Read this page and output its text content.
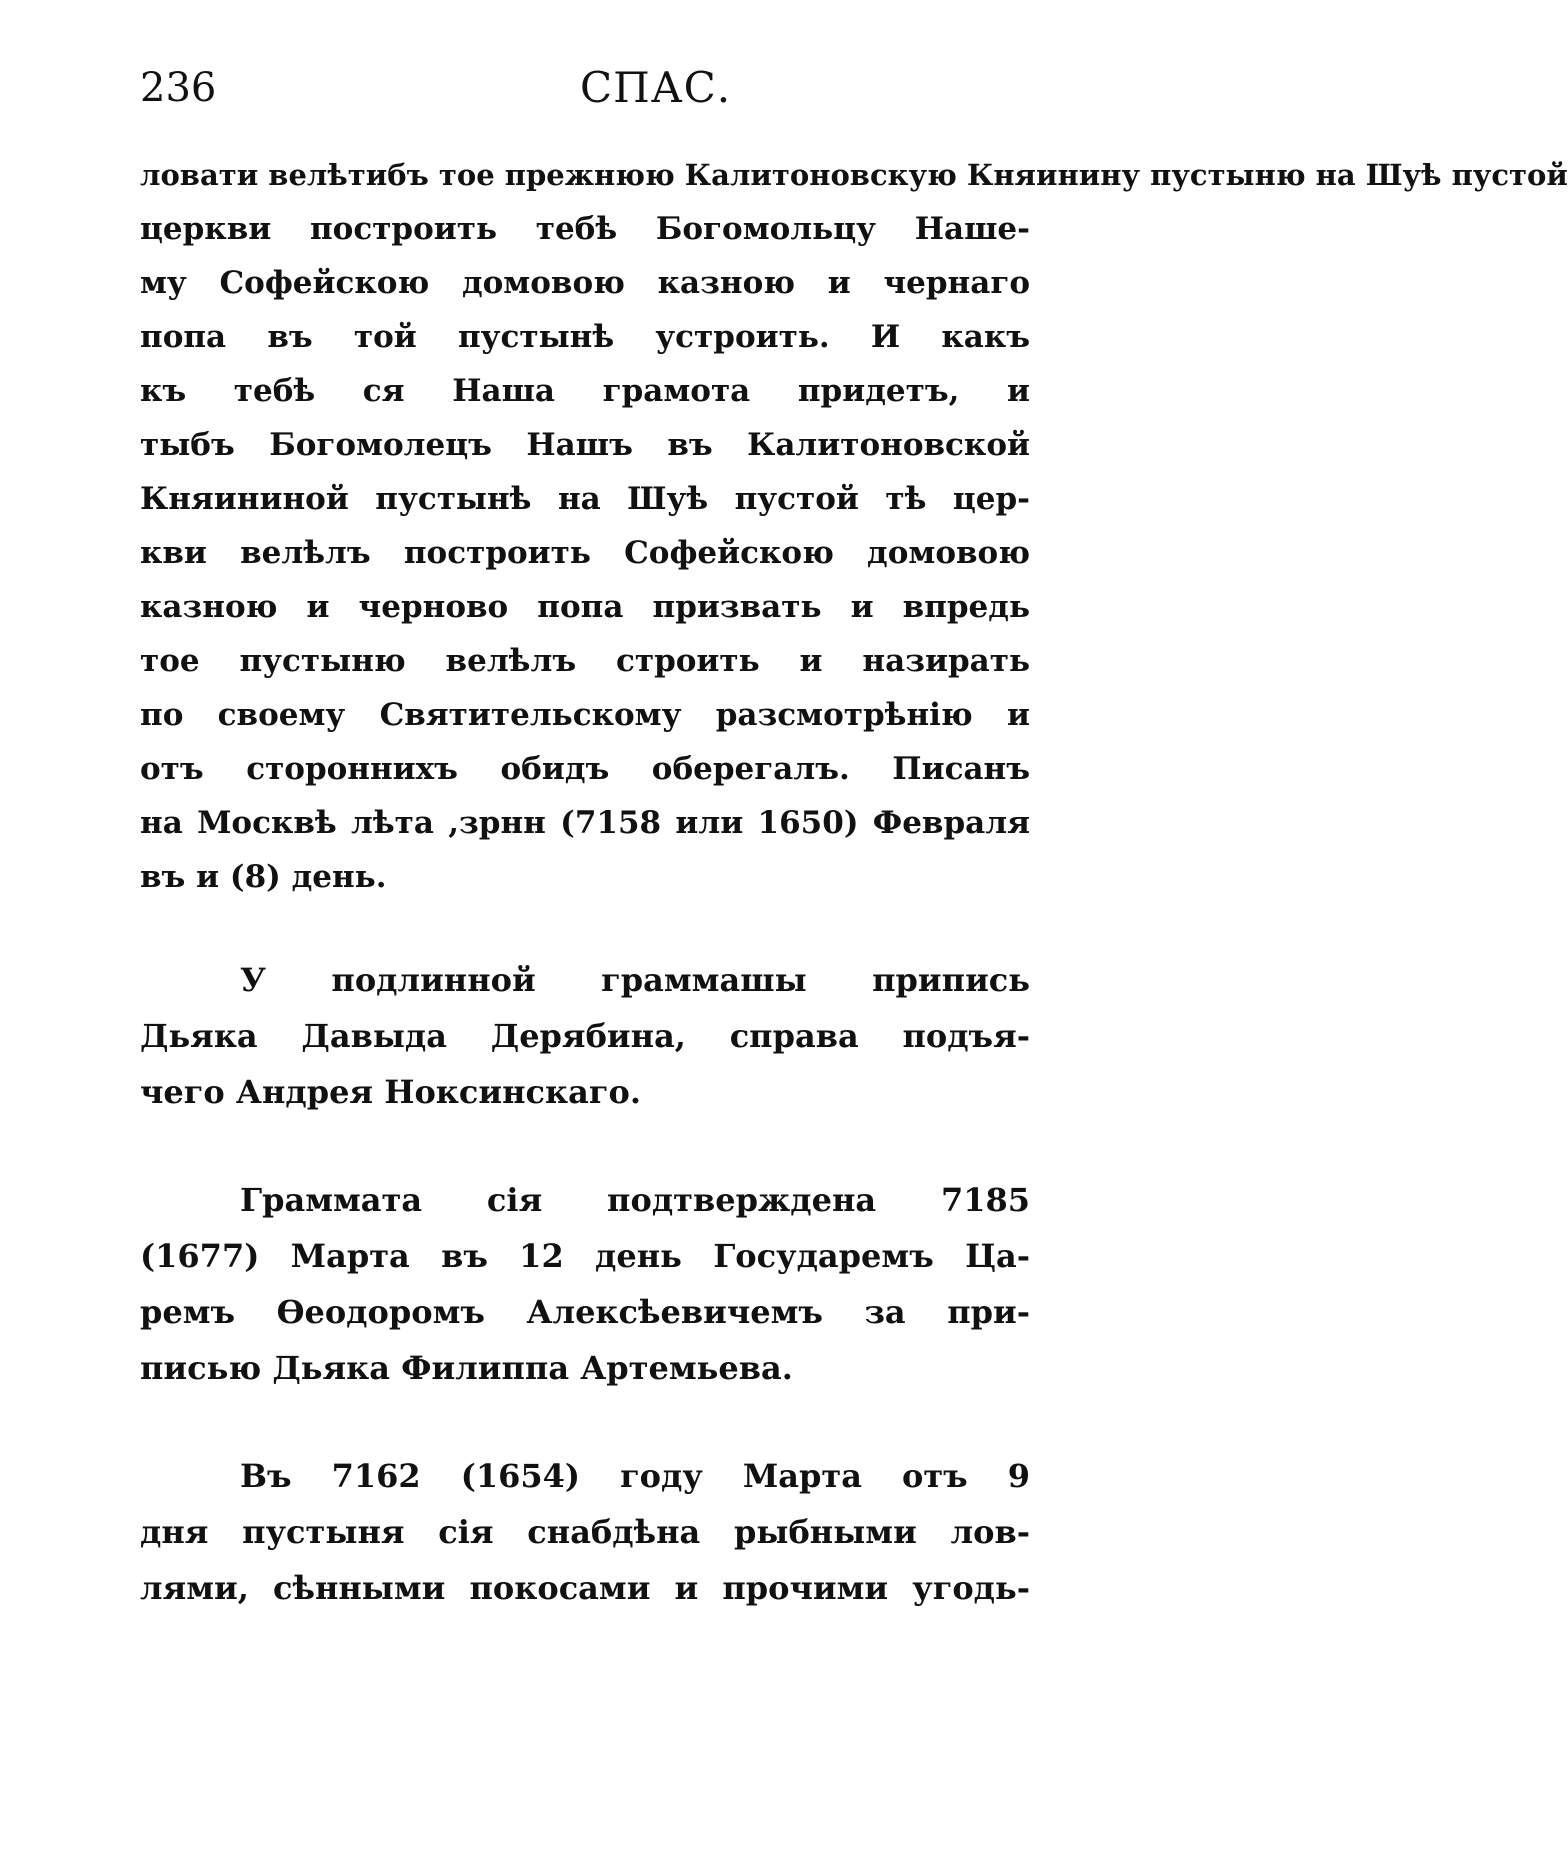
236	СПАС.
ловати велѣтибъ тое прежнюю Калитоновскую Княинину пустыню на Шуѣ пустой
церкви построить тебѣ Богомольцу Наше-
му Софейскою домовою казною и чернаго
попа въ той пустынѣ устроить. И какъ
къ тебѣ ся Наша грамота придетъ, и
тыбъ Богомолецъ Нашъ въ Калитоновской
Княининой пустынѣ на Шуѣ пустой тѣ цер-
кви велѣлъ построить Софейскою домовою
казною и черново попа призвать и впредь
тое пустыню велѣлъ строить и назирать
по своему Святительскому разсмотрѣнію и
отъ стороннихъ обидъ оберегалъ. Писанъ
на Москвѣ лѣта ,зрнн (7158 или 1650) Февраля
въ и (8) день.
У подлинной граммашы припись
Дьяка Давыда Дерябина, справа подъя-
чего Андрея Ноксинскаго.
Граммата сія подтверждена 7185
(1677) Марта въ 12 день Государемъ Ца-
ремъ Ѳеодоромъ Алексѣевичемъ за при-
писью Дьяка Филиппа Артемьева.
Въ 7162 (1654) году Марта отъ 9
дня пустыня сія снабдѣна рыбными лов-
лями, сѣнными покосами и прочими угодь-
